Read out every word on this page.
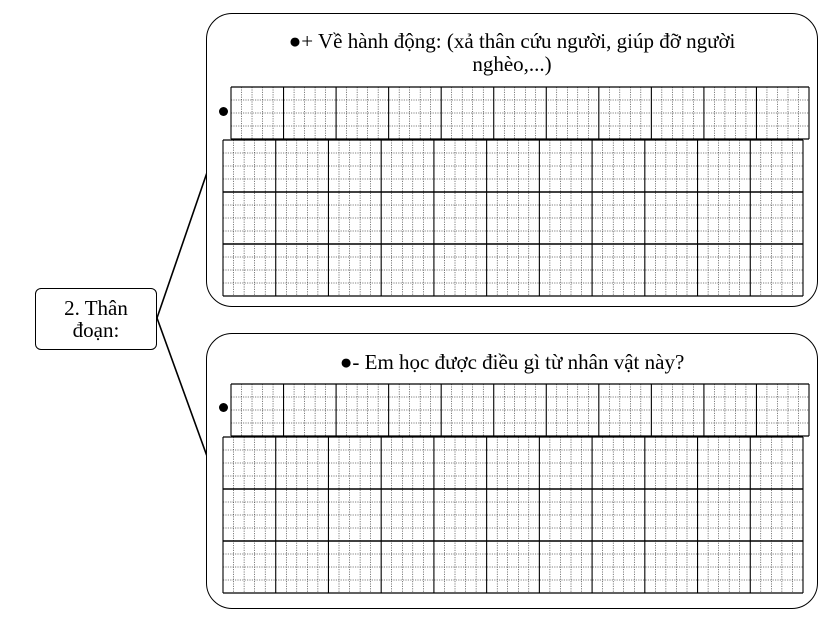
2. Thân
đoạn:
●+ Về hành động: (xả thân cứu người, giúp đỡ người nghèo,...)
●- Em học được điều gì từ nhân vật này?
